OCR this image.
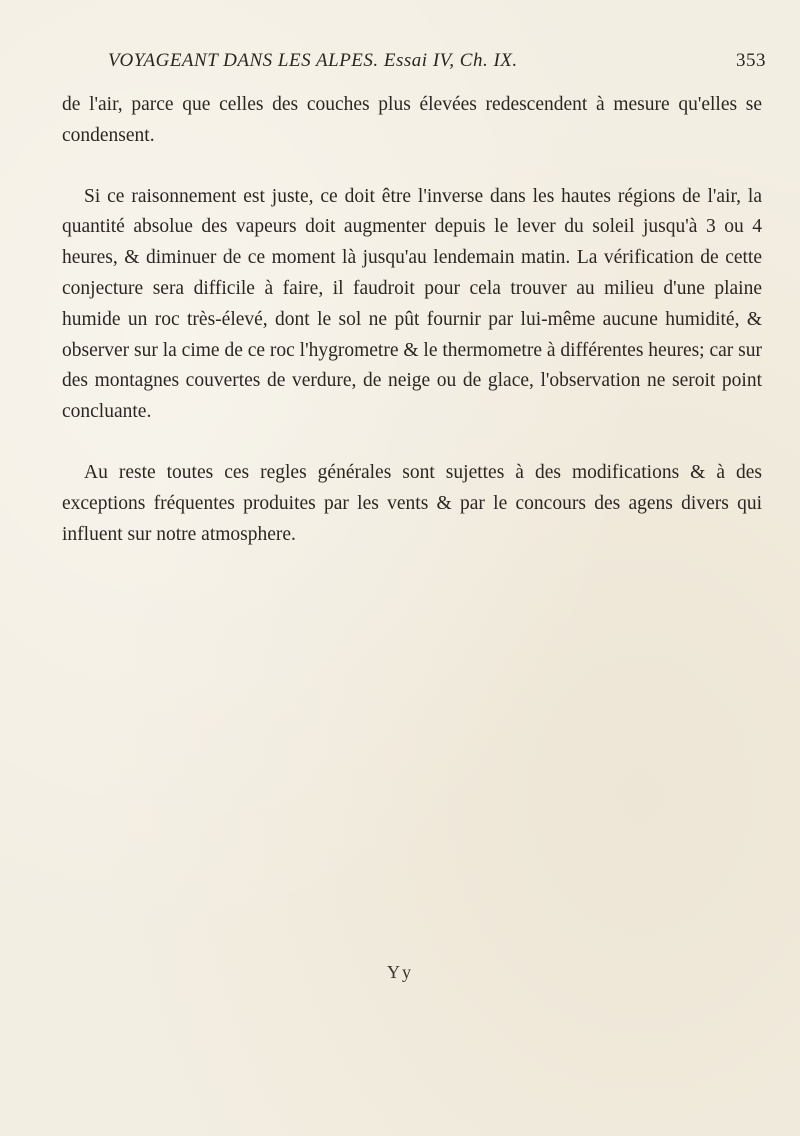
VOYAGEANT DANS LES ALPES. Essai IV, Ch. IX.	353

de l'air, parce que celles des couches plus élevées redescendent à mesure qu'elles se condensent.

Si ce raisonnement est juste, ce doit être l'inverse dans les hautes régions de l'air, la quantité absolue des vapeurs doit augmenter depuis le lever du soleil jusqu'à 3 ou 4 heures, & diminuer de ce moment là jusqu'au lendemain matin. La vérification de cette conjecture sera difficile à faire, il faudroit pour cela trouver au milieu d'une plaine humide un roc très-élevé, dont le sol ne pût fournir par lui-même aucune humidité, & observer sur la cime de ce roc l'hygrometre & le thermometre à différentes heures; car sur des montagnes couvertes de verdure, de neige ou de glace, l'observation ne seroit point concluante.

Au reste toutes ces regles générales sont sujettes à des modifications & à des exceptions fréquentes produites par les vents & par le concours des agens divers qui influent sur notre atmosphere.

Yy
